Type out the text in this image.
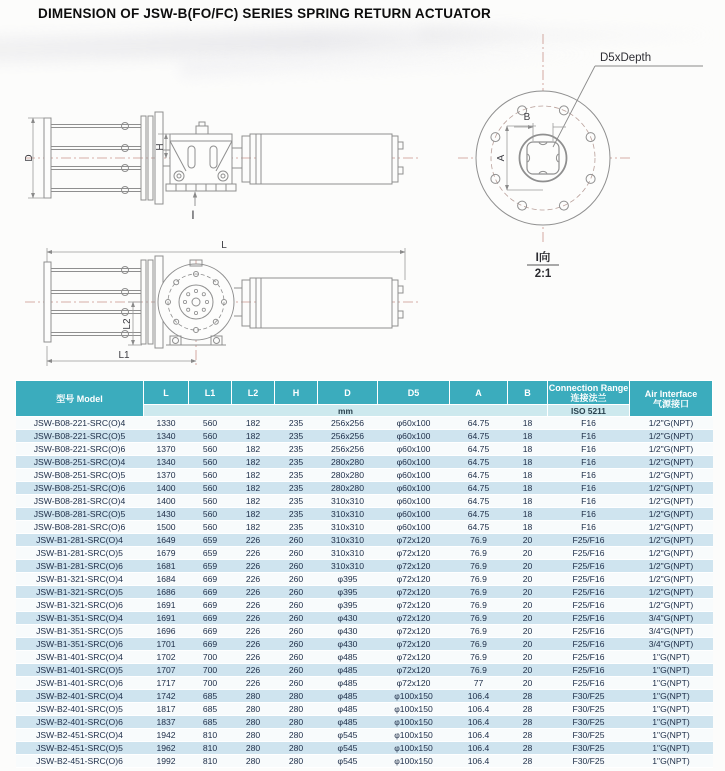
DIMENSION OF JSW-B(FO/FC) SERIES SPRING RETURN ACTUATOR
D
H
I
L
L2
L1
D5xDepth
B
A
I向
2:1
型号 Model	L	L1	L2	H	D	D5	A	B	Connection Range
连接法兰	Air Interface
气源接口

	mm								ISO 5211	
JSW-B08-221-SRC(O)4	1330	560	182	235	256x256	φ60x100	64.75	18	F16	1/2"G(NPT)
JSW-B08-221-SRC(O)5	1340	560	182	235	256x256	φ60x100	64.75	18	F16	1/2"G(NPT)
JSW-B08-221-SRC(O)6	1370	560	182	235	256x256	φ60x100	64.75	18	F16	1/2"G(NPT)
JSW-B08-251-SRC(O)4	1340	560	182	235	280x280	φ60x100	64.75	18	F16	1/2"G(NPT)
JSW-B08-251-SRC(O)5	1370	560	182	235	280x280	φ60x100	64.75	18	F16	1/2"G(NPT)
JSW-B08-251-SRC(O)6	1400	560	182	235	280x280	φ60x100	64.75	18	F16	1/2"G(NPT)
JSW-B08-281-SRC(O)4	1400	560	182	235	310x310	φ60x100	64.75	18	F16	1/2"G(NPT)
JSW-B08-281-SRC(O)5	1430	560	182	235	310x310	φ60x100	64.75	18	F16	1/2"G(NPT)
JSW-B08-281-SRC(O)6	1500	560	182	235	310x310	φ60x100	64.75	18	F16	1/2"G(NPT)
JSW-B1-281-SRC(O)4	1649	659	226	260	310x310	φ72x120	76.9	20	F25/F16	1/2"G(NPT)
JSW-B1-281-SRC(O)5	1679	659	226	260	310x310	φ72x120	76.9	20	F25/F16	1/2"G(NPT)
JSW-B1-281-SRC(O)6	1681	659	226	260	310x310	φ72x120	76.9	20	F25/F16	1/2"G(NPT)
JSW-B1-321-SRC(O)4	1684	669	226	260	φ395	φ72x120	76.9	20	F25/F16	1/2"G(NPT)
JSW-B1-321-SRC(O)5	1686	669	226	260	φ395	φ72x120	76.9	20	F25/F16	1/2"G(NPT)
JSW-B1-321-SRC(O)6	1691	669	226	260	φ395	φ72x120	76.9	20	F25/F16	1/2"G(NPT)
JSW-B1-351-SRC(O)4	1691	669	226	260	φ430	φ72x120	76.9	20	F25/F16	3/4"G(NPT)
JSW-B1-351-SRC(O)5	1696	669	226	260	φ430	φ72x120	76.9	20	F25/F16	3/4"G(NPT)
JSW-B1-351-SRC(O)6	1701	669	226	260	φ430	φ72x120	76.9	20	F25/F16	3/4"G(NPT)
JSW-B1-401-SRC(O)4	1702	700	226	260	φ485	φ72x120	76.9	20	F25/F16	1"G(NPT)
JSW-B1-401-SRC(O)5	1707	700	226	260	φ485	φ72x120	76.9	20	F25/F16	1"G(NPT)
JSW-B1-401-SRC(O)6	1717	700	226	260	φ485	φ72x120	77	20	F25/F16	1"G(NPT)
JSW-B2-401-SRC(O)4	1742	685	280	280	φ485	φ100x150	106.4	28	F30/F25	1"G(NPT)
JSW-B2-401-SRC(O)5	1817	685	280	280	φ485	φ100x150	106.4	28	F30/F25	1"G(NPT)
JSW-B2-401-SRC(O)6	1837	685	280	280	φ485	φ100x150	106.4	28	F30/F25	1"G(NPT)
JSW-B2-451-SRC(O)4	1942	810	280	280	φ545	φ100x150	106.4	28	F30/F25	1"G(NPT)
JSW-B2-451-SRC(O)5	1962	810	280	280	φ545	φ100x150	106.4	28	F30/F25	1"G(NPT)
JSW-B2-451-SRC(O)6	1992	810	280	280	φ545	φ100x150	106.4	28	F30/F25	1"G(NPT)
